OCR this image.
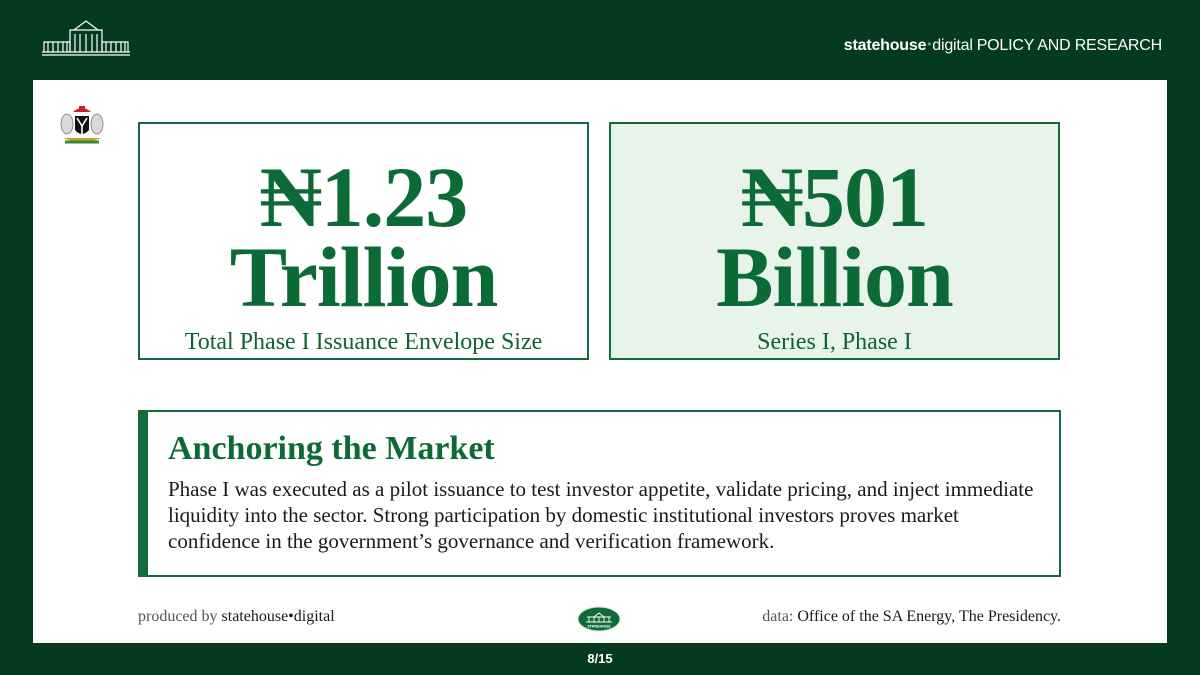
statehouse•digital POLICY AND RESEARCH
₦1.23
Trillion
Total Phase I Issuance Envelope Size
₦501
Billion
Series I, Phase I
Anchoring the Market
Phase I was executed as a pilot issuance to test investor appetite, validate pricing, and inject immediate liquidity into the sector. Strong participation by domestic institutional investors proves market confidence in the government’s governance and verification framework.
produced by statehouse•digital
STATEHOUSE
data: Office of the SA Energy, The Presidency.
8/15
